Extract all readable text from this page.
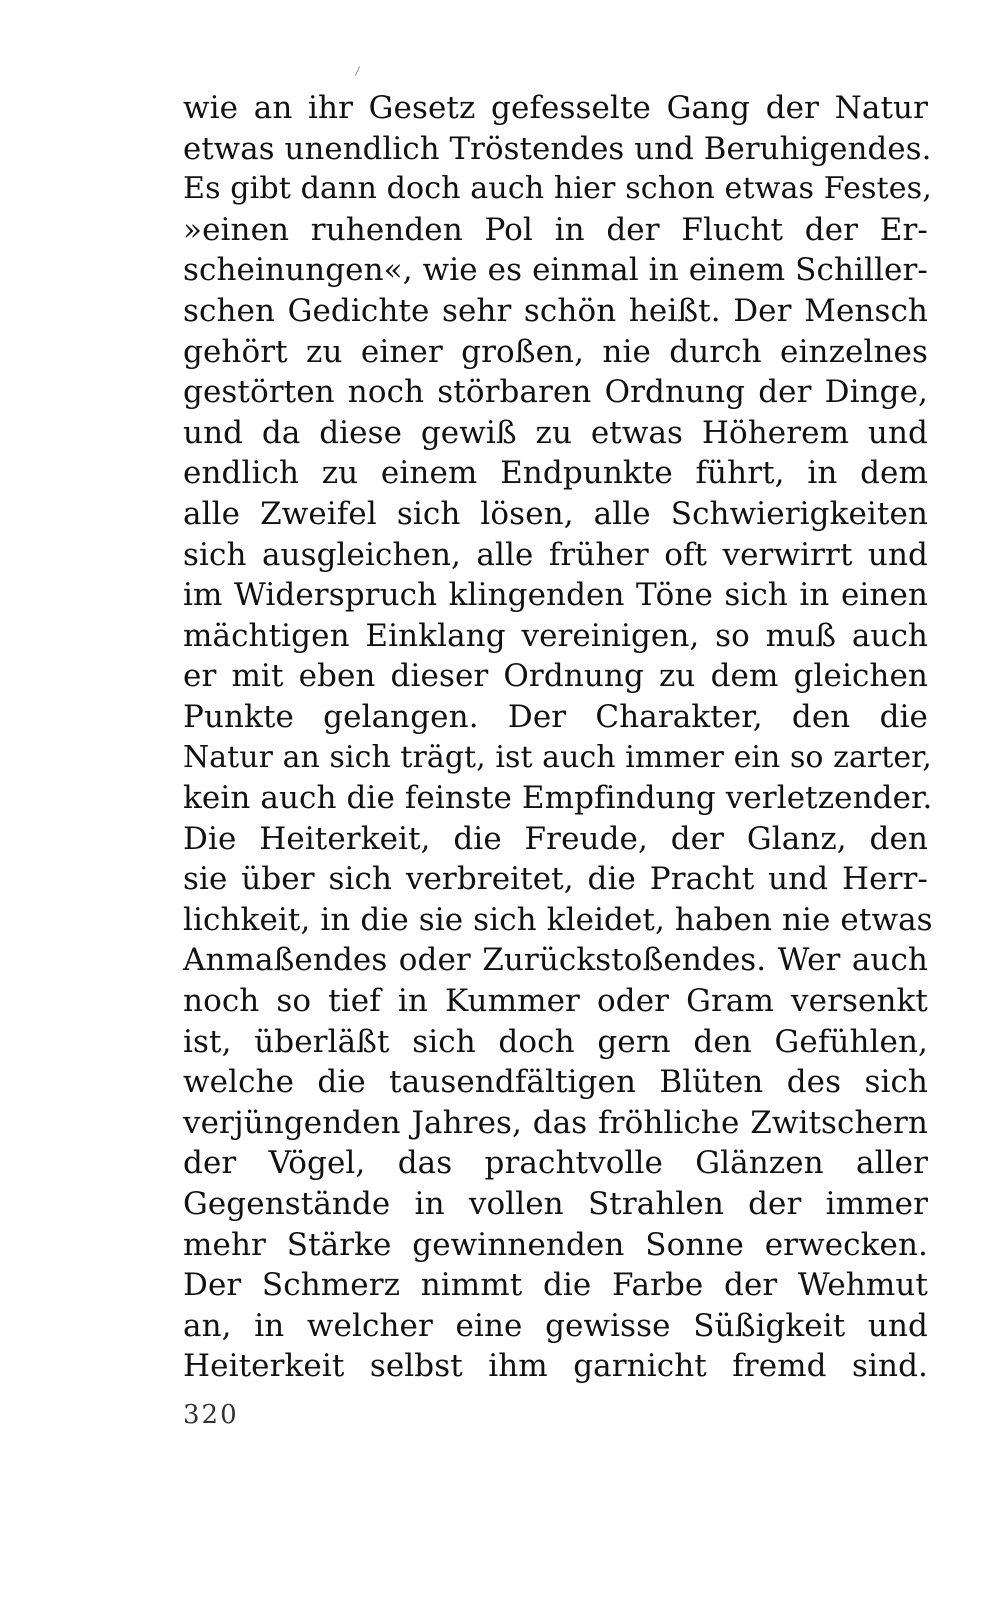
wie an ihr Gesetz gefesselte Gang der Natur
etwas unendlich Tröstendes und Beruhigendes.
Es gibt dann doch auch hier schon etwas Festes,
»einen ruhenden Pol in der Flucht der Er-
scheinungen«, wie es einmal in einem Schiller-
schen Gedichte sehr schön heißt. Der Mensch
gehört zu einer großen, nie durch einzelnes
gestörten noch störbaren Ordnung der Dinge,
und da diese gewiß zu etwas Höherem und
endlich zu einem Endpunkte führt, in dem
alle Zweifel sich lösen, alle Schwierigkeiten
sich ausgleichen, alle früher oft verwirrt und
im Widerspruch klingenden Töne sich in einen
mächtigen Einklang vereinigen, so muß auch
er mit eben dieser Ordnung zu dem gleichen
Punkte gelangen. Der Charakter, den die
Natur an sich trägt, ist auch immer ein so zarter,
kein auch die feinste Empfindung verletzender.
Die Heiterkeit, die Freude, der Glanz, den
sie über sich verbreitet, die Pracht und Herr-
lichkeit, in die sie sich kleidet, haben nie etwas
Anmaßendes oder Zurückstoßendes. Wer auch
noch so tief in Kummer oder Gram versenkt
ist, überläßt sich doch gern den Gefühlen,
welche die tausendfältigen Blüten des sich
verjüngenden Jahres, das fröhliche Zwitschern
der Vögel, das prachtvolle Glänzen aller
Gegenstände in vollen Strahlen der immer
mehr Stärke gewinnenden Sonne erwecken.
Der Schmerz nimmt die Farbe der Wehmut
an, in welcher eine gewisse Süßigkeit und
Heiterkeit selbst ihm garnicht fremd sind.
320
